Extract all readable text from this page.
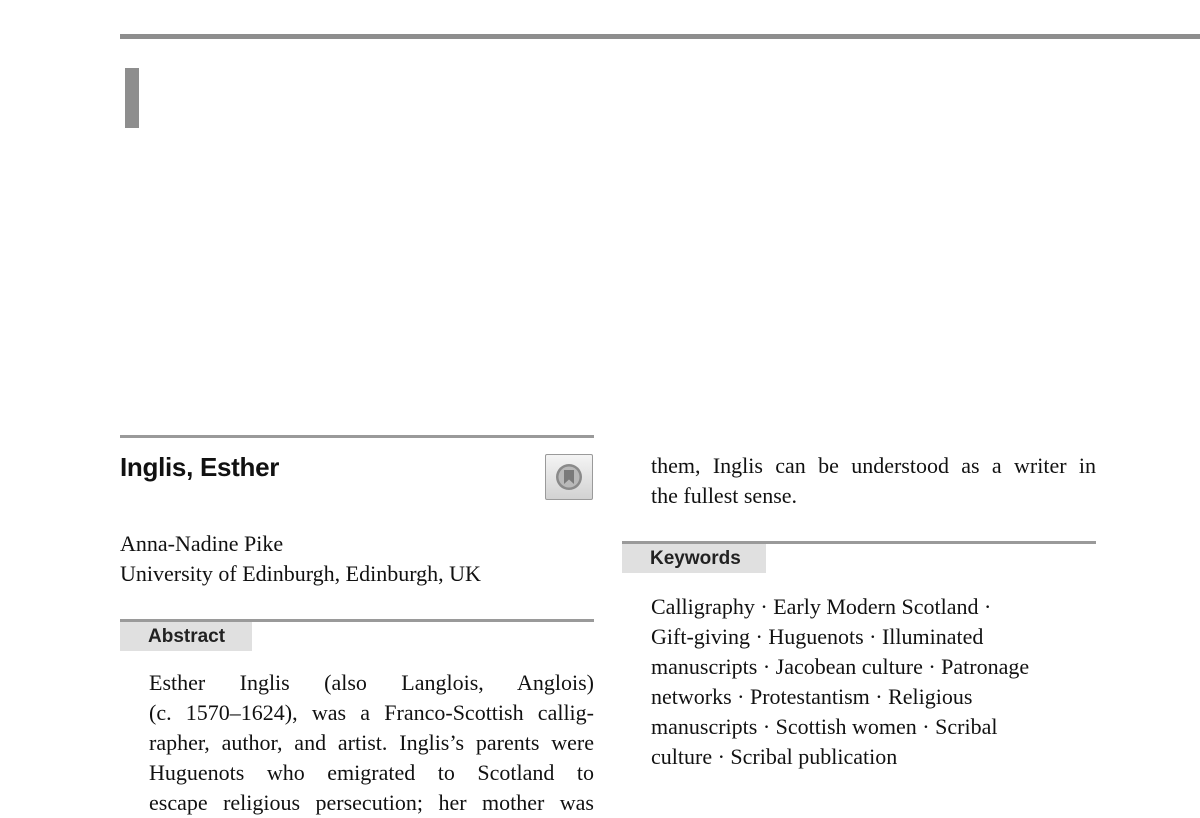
Inglis, Esther
Anna-Nadine Pike
University of Edinburgh, Edinburgh, UK
Abstract
Esther Inglis (also Langlois, Anglois)
(c. 1570–1624), was a Franco-Scottish callig-
rapher, author, and artist. Inglis’s parents were
Huguenots who emigrated to Scotland to
escape religious persecution; her mother was
them, Inglis can be understood as a writer in
the fullest sense.
Keywords
Calligraphy · Early Modern Scotland ·
Gift-giving · Huguenots · Illuminated
manuscripts · Jacobean culture · Patronage
networks · Protestantism · Religious
manuscripts · Scottish women · Scribal
culture · Scribal publication
